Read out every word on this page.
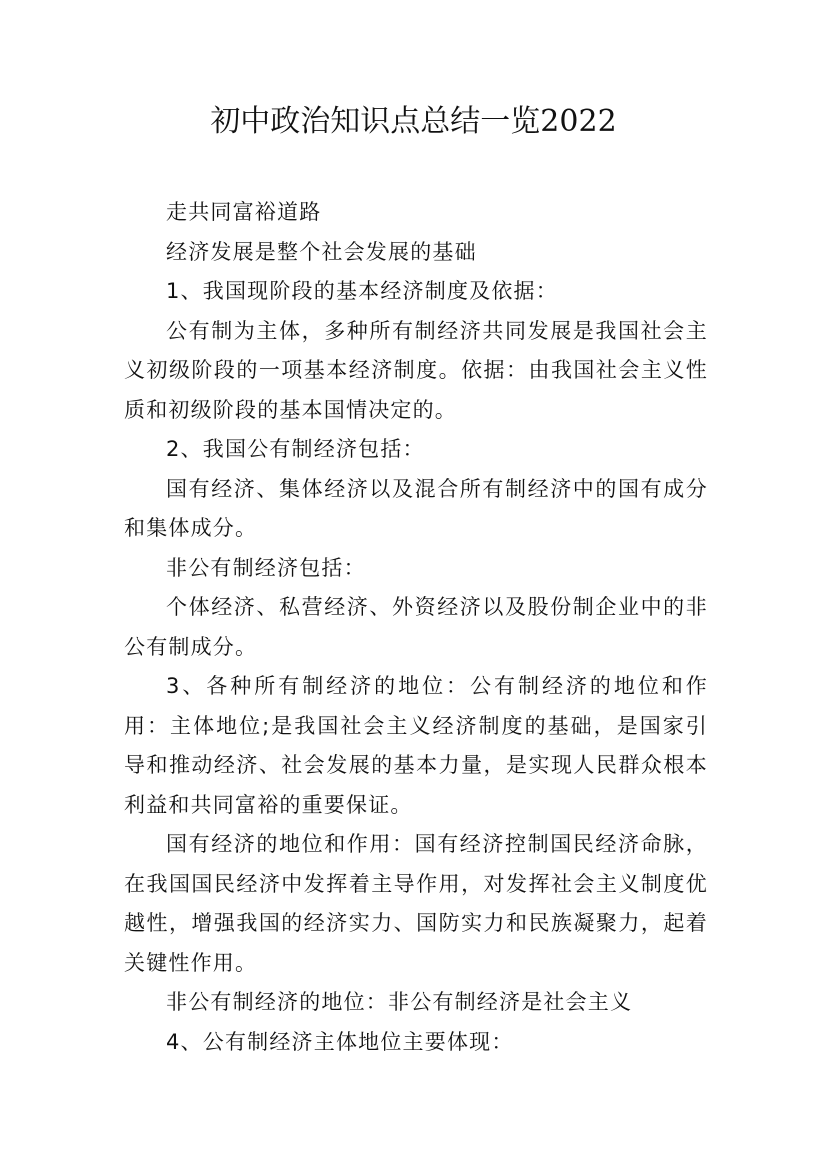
初中政治知识点总结一览2022

走共同富裕道路

经济发展是整个社会发展的基础

1、我国现阶段的基本经济制度及依据：

公有制为主体，多种所有制经济共同发展是我国社会主义初级阶段的一项基本经济制度。依据：由我国社会主义性质和初级阶段的基本国情决定的。

2、我国公有制经济包括：

国有经济、集体经济以及混合所有制经济中的国有成分和集体成分。

非公有制经济包括：

个体经济、私营经济、外资经济以及股份制企业中的非公有制成分。

3、各种所有制经济的地位：公有制经济的地位和作用：主体地位;是我国社会主义经济制度的基础，是国家引导和推动经济、社会发展的基本力量，是实现人民群众根本利益和共同富裕的重要保证。

国有经济的地位和作用：国有经济控制国民经济命脉，在我国国民经济中发挥着主导作用，对发挥社会主义制度优越性，增强我国的经济实力、国防实力和民族凝聚力，起着关键性作用。

非公有制经济的地位：非公有制经济是社会主义

4、公有制经济主体地位主要体现：
